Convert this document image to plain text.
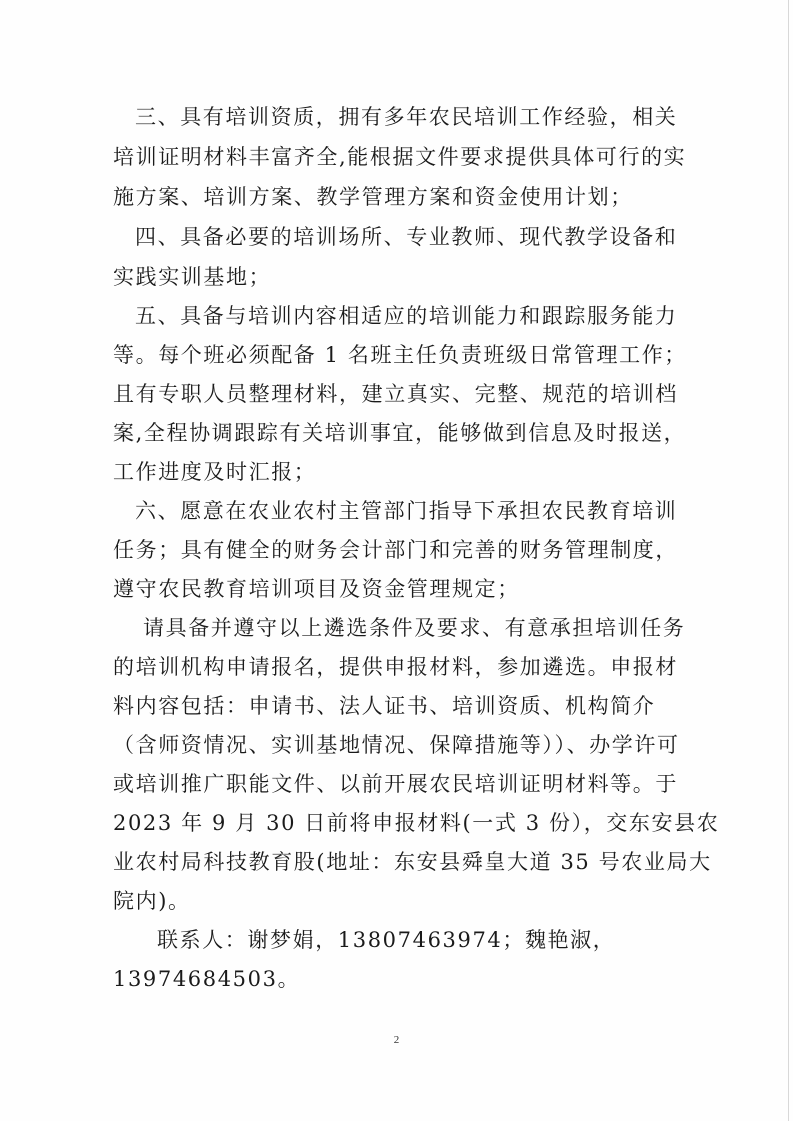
三、具有培训资质，拥有多年农民培训工作经验，相关
培训证明材料丰富齐全,能根据文件要求提供具体可行的实
施方案、培训方案、教学管理方案和资金使用计划；
四、具备必要的培训场所、专业教师、现代教学设备和
实践实训基地；
五、具备与培训内容相适应的培训能力和跟踪服务能力
等。每个班必须配备 1 名班主任负责班级日常管理工作；
且有专职人员整理材料，建立真实、完整、规范的培训档
案,全程协调跟踪有关培训事宜，能够做到信息及时报送，
工作进度及时汇报；
六、愿意在农业农村主管部门指导下承担农民教育培训
任务；具有健全的财务会计部门和完善的财务管理制度，
遵守农民教育培训项目及资金管理规定；
请具备并遵守以上遴选条件及要求、有意承担培训任务
的培训机构申请报名，提供申报材料，参加遴选。申报材
料内容包括：申请书、法人证书、培训资质、机构简介
（含师资情况、实训基地情况、保障措施等））、办学许可
或培训推广职能文件、以前开展农民培训证明材料等。于
2023 年 9 月 30 日前将申报材料(一式 3 份），交东安县农
业农村局科技教育股(地址：东安县舜皇大道 35 号农业局大
院内)。
联系人：谢梦娟，13807463974；魏艳淑，
13974684503。
2
